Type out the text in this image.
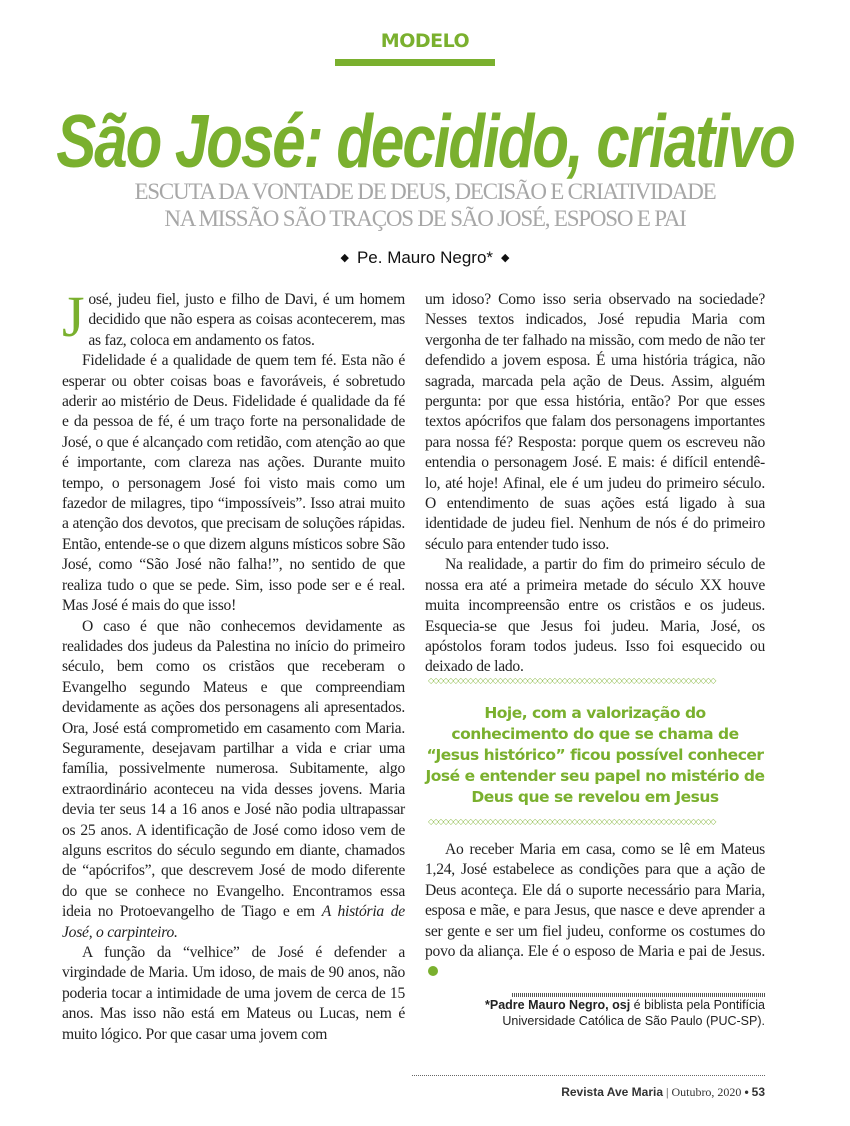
MODELO
São José: decidido, criativo
ESCUTA DA VONTADE DE DEUS, DECISÃO E CRIATIVIDADE
NA MISSÃO SÃO TRAÇOS DE SÃO JOSÉ, ESPOSO E PAI
◆ Pe. Mauro Negro* ◆

José, judeu fiel, justo e filho de Davi, é um homem decidido que não espera as coisas acontecerem, mas as faz, coloca em andamento os fatos.

Fidelidade é a qualidade de quem tem fé. Esta não é esperar ou obter coisas boas e favoráveis, é sobretudo aderir ao mistério de Deus. Fidelidade é qualidade da fé e da pessoa de fé, é um traço forte na personalidade de José, o que é alcançado com retidão, com atenção ao que é importante, com clareza nas ações. Durante muito tempo, o personagem José foi visto mais como um fazedor de milagres, tipo “impossíveis”. Isso atrai muito a atenção dos devotos, que precisam de soluções rápidas. Então, entende-se o que dizem alguns místicos sobre São José, como “São José não falha!”, no sentido de que realiza tudo o que se pede. Sim, isso pode ser e é real. Mas José é mais do que isso!

O caso é que não conhecemos devidamente as realidades dos judeus da Palestina no início do primeiro século, bem como os cristãos que receberam o Evangelho segundo Mateus e que compreendiam devidamente as ações dos personagens ali apresentados. Ora, José está comprometido em casamento com Maria. Seguramente, desejavam partilhar a vida e criar uma família, possivelmente numerosa. Subitamente, algo extraordinário aconteceu na vida desses jovens. Maria devia ter seus 14 a 16 anos e José não podia ultrapassar os 25 anos. A identificação de José como idoso vem de alguns escritos do século segundo em diante, chamados de “apócrifos”, que descrevem José de modo diferente do que se conhece no Evangelho. Encontramos essa ideia no Protoevangelho de Tiago e em A história de José, o carpinteiro.

A função da “velhice” de José é defender a virgindade de Maria. Um idoso, de mais de 90 anos, não poderia tocar a intimidade de uma jovem de cerca de 15 anos. Mas isso não está em Mateus ou Lucas, nem é muito lógico. Por que casar uma jovem com

um idoso? Como isso seria observado na sociedade? Nesses textos indicados, José repudia Maria com vergonha de ter falhado na missão, com medo de não ter defendido a jovem esposa. É uma história trágica, não sagrada, marcada pela ação de Deus. Assim, alguém pergunta: por que essa história, então? Por que esses textos apócrifos que falam dos personagens importantes para nossa fé? Resposta: porque quem os escreveu não entendia o personagem José. E mais: é difícil entendê-lo, até hoje! Afinal, ele é um judeu do primeiro século. O entendimento de suas ações está ligado à sua identidade de judeu fiel. Nenhum de nós é do primeiro século para entender tudo isso.

Na realidade, a partir do fim do primeiro século de nossa era até a primeira metade do século XX houve muita incompreensão entre os cristãos e os judeus. Esquecia-se que Jesus foi judeu. Maria, José, os apóstolos foram todos judeus. Isso foi esquecido ou deixado de lado.

◇◇◇◇◇◇◇◇◇◇◇◇◇◇◇◇◇◇◇◇◇◇◇◇◇◇◇◇◇◇◇◇◇◇◇◇◇◇◇◇◇◇◇◇◇◇◇◇◇◇◇◇◇◇◇◇◇◇
Hoje, com a valorização do conhecimento do que se chama de “Jesus histórico” ficou possível conhecer José e entender seu papel no mistério de Deus que se revelou em Jesus
◇◇◇◇◇◇◇◇◇◇◇◇◇◇◇◇◇◇◇◇◇◇◇◇◇◇◇◇◇◇◇◇◇◇◇◇◇◇◇◇◇◇◇◇◇◇◇◇◇◇◇◇◇◇◇◇◇◇

Ao receber Maria em casa, como se lê em Mateus 1,24, José estabelece as condições para que a ação de Deus aconteça. Ele dá o suporte necessário para Maria, esposa e mãe, e para Jesus, que nasce e deve aprender a ser gente e ser um fiel judeu, conforme os costumes do povo da aliança. Ele é o esposo de Maria e pai de Jesus.

*Padre Mauro Negro, osj é biblista pela Pontifícia Universidade Católica de São Paulo (PUC-SP).
Revista Ave Maria | Outubro, 2020 • 53
